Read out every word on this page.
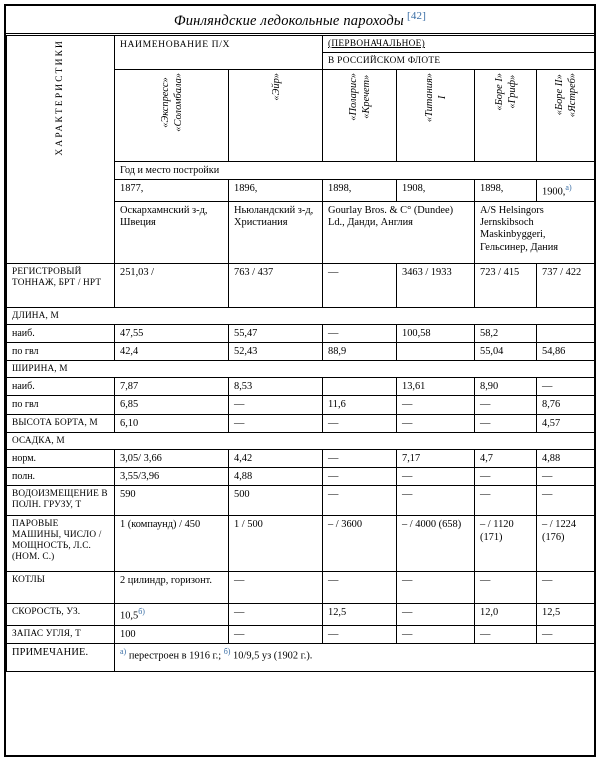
Финляндские ледокольные пароходы [42]
ХАРАКТЕРИСТИКИ	НАИМЕНОВАНИЕ П/Х		(ПЕРВОНАЧАЛЬНОЕ)			
			В РОССИЙСКОМ ФЛОТЕ			
	«Экспресс» «Соломбала»	«Эйр»	«Поларис» «Кречет»	«Титания» I	«Боре I» «Гриф»	«Боре II» «Ястреб»
	Год и место постройки					
	1877,	1896,	1898,	1908,	1898,	1900,$^{а)}$
	Оскархамнский з-д, Швеция	Ньюландский з-д, Христиания	Gourlay Bros. & C° (Dundee) Ld., Данди, Англия		A/S Helsingors Jernskibsoch Maskinbyggeri, Гельсинер, Дания	
РЕГИСТРОВЫЙ ТОННАЖ, БРТ / НРТ	251,03 /	763 / 437	—	3463 / 1933	723 / 415	737 / 422
ДЛИНА, М						
наиб.	47,55	55,47	—	100,58	58,2	
по гвл	42,4	52,43	88,9		55,04	54,86
ШИРИНА, М						
наиб.	7,87	8,53		13,61	8,90	—
по гвл	6,85	—	11,6	—	—	8,76
ВЫСОТА БОРТА, М	6,10	—	—	—	—	4,57
ОСАДКА, М						
норм.	3,05/ 3,66	4,42	—	7,17	4,7	4,88
полн.	3,55/3,96	4,88	—	—	—	—
ВОДОИЗМЕЩЕНИЕ В ПОЛН. ГРУЗУ, Т	590	500	—	—	—	—
ПАРОВЫЕ МАШИНЫ, ЧИСЛО / МОЩНОСТЬ, Л.С.(НОМ. С.)	1 (компаунд) / 450	1 / 500	– / 3600	– / 4000 (658)	– / 1120 (171)	– / 1224 (176)
КОТЛЫ	2 цилиндр, горизонт.	—	—	—	—	—
СКОРОСТЬ, УЗ.	10,5$^{б)}$	—	12,5	—	12,0	12,5
ЗАПАС УГЛЯ, Т	100	—	—	—	—	—
ПРИМЕЧАНИЕ.	$^{а)}$ перестроен в 1916 г.; $^{б)}$ 10/9,5 уз (1902 г.).					
